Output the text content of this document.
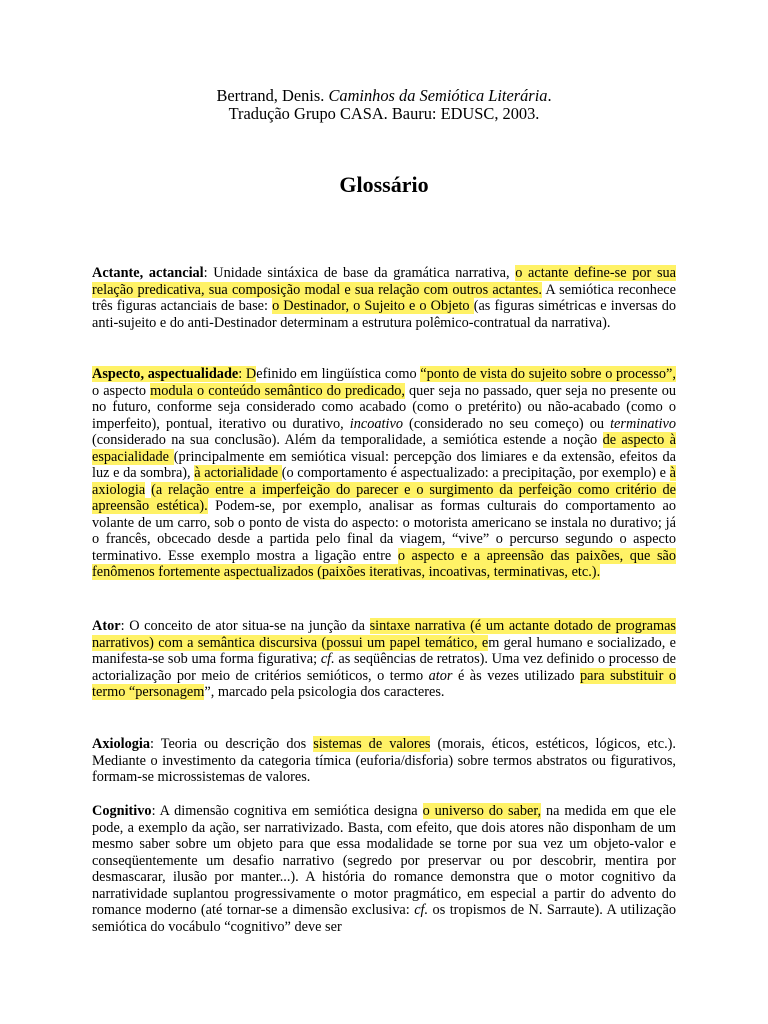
Bertrand, Denis. Caminhos da Semiótica Literária.
Tradução Grupo CASA. Bauru: EDUSC, 2003.
Glossário
Actante, actancial: Unidade sintáxica de base da gramática narrativa, o actante define-se por sua relação predicativa, sua composição modal e sua relação com outros actantes. A semiótica reconhece três figuras actanciais de base: o Destinador, o Sujeito e o Objeto (as figuras simétricas e inversas do anti-sujeito e do anti-Destinador determinam a estrutura polêmico-contratual da narrativa).
Aspecto, aspectualidade: Definido em lingüística como “ponto de vista do sujeito sobre o processo”, o aspecto modula o conteúdo semântico do predicado, quer seja no passado, quer seja no presente ou no futuro, conforme seja considerado como acabado (como o pretérito) ou não-acabado (como o imperfeito), pontual, iterativo ou durativo, incoativo (considerado no seu começo) ou terminativo (considerado na sua conclusão). Além da temporalidade, a semiótica estende a noção de aspecto à espacialidade (principalmente em semiótica visual: percepção dos limiares e da extensão, efeitos da luz e da sombra), à actorialidade (o comportamento é aspectualizado: a precipitação, por exemplo) e à axiologia (a relação entre a imperfeição do parecer e o surgimento da perfeição como critério de apreensão estética). Podem-se, por exemplo, analisar as formas culturais do comportamento ao volante de um carro, sob o ponto de vista do aspecto: o motorista americano se instala no durativo; já o francês, obcecado desde a partida pelo final da viagem, “vive” o percurso segundo o aspecto terminativo. Esse exemplo mostra a ligação entre o aspecto e a apreensão das paixões, que são fenômenos fortemente aspectualizados (paixões iterativas, incoativas, terminativas, etc.).
Ator: O conceito de ator situa-se na junção da sintaxe narrativa (é um actante dotado de programas narrativos) com a semântica discursiva (possui um papel temático, em geral humano e socializado, e manifesta-se sob uma forma figurativa; cf. as seqüências de retratos). Uma vez definido o processo de actorialização por meio de critérios semióticos, o termo ator é às vezes utilizado para substituir o termo “personagem”, marcado pela psicologia dos caracteres.
Axiologia: Teoria ou descrição dos sistemas de valores (morais, éticos, estéticos, lógicos, etc.). Mediante o investimento da categoria tímica (euforia/disforia) sobre termos abstratos ou figurativos, formam-se microssistemas de valores.
Cognitivo: A dimensão cognitiva em semiótica designa o universo do saber, na medida em que ele pode, a exemplo da ação, ser narrativizado. Basta, com efeito, que dois atores não disponham de um mesmo saber sobre um objeto para que essa modalidade se torne por sua vez um objeto-valor e conseqüentemente um desafio narrativo (segredo por preservar ou por descobrir, mentira por desmascarar, ilusão por manter...). A história do romance demonstra que o motor cognitivo da narratividade suplantou progressivamente o motor pragmático, em especial a partir do advento do romance moderno (até tornar-se a dimensão exclusiva: cf. os tropismos de N. Sarraute). A utilização semiótica do vocábulo “cognitivo” deve ser
